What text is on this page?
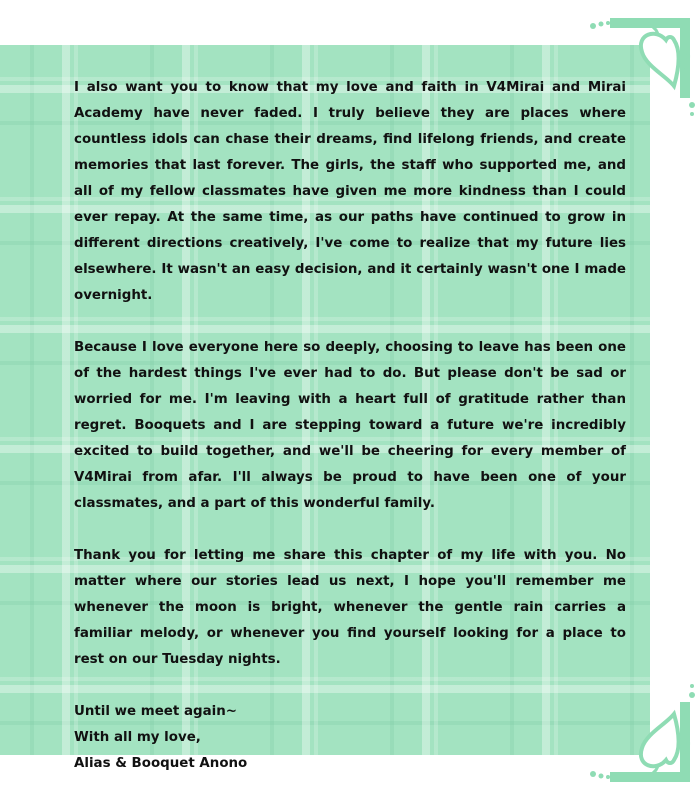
I also want you to know that my love and faith in V4Mirai and Mirai Academy have never faded. I truly believe they are places where countless idols can chase their dreams, find lifelong friends, and create memories that last forever. The girls, the staff who supported me, and all of my fellow classmates have given me more kindness than I could ever repay. At the same time, as our paths have continued to grow in different directions creatively, I've come to realize that my future lies elsewhere. It wasn't an easy decision, and it certainly wasn't one I made overnight.

Because I love everyone here so deeply, choosing to leave has been one of the hardest things I've ever had to do. But please don't be sad or worried for me. I'm leaving with a heart full of gratitude rather than regret. Booquets and I are stepping toward a future we're incredibly excited to build together, and we'll be cheering for every member of V4Mirai from afar. I'll always be proud to have been one of your classmates, and a part of this wonderful family.

Thank you for letting me share this chapter of my life with you. No matter where our stories lead us next, I hope you'll remember me whenever the moon is bright, whenever the gentle rain carries a familiar melody, or whenever you find yourself looking for a place to rest on our Tuesday nights.

Until we meet again~
With all my love,
Alias & Booquet Anono
